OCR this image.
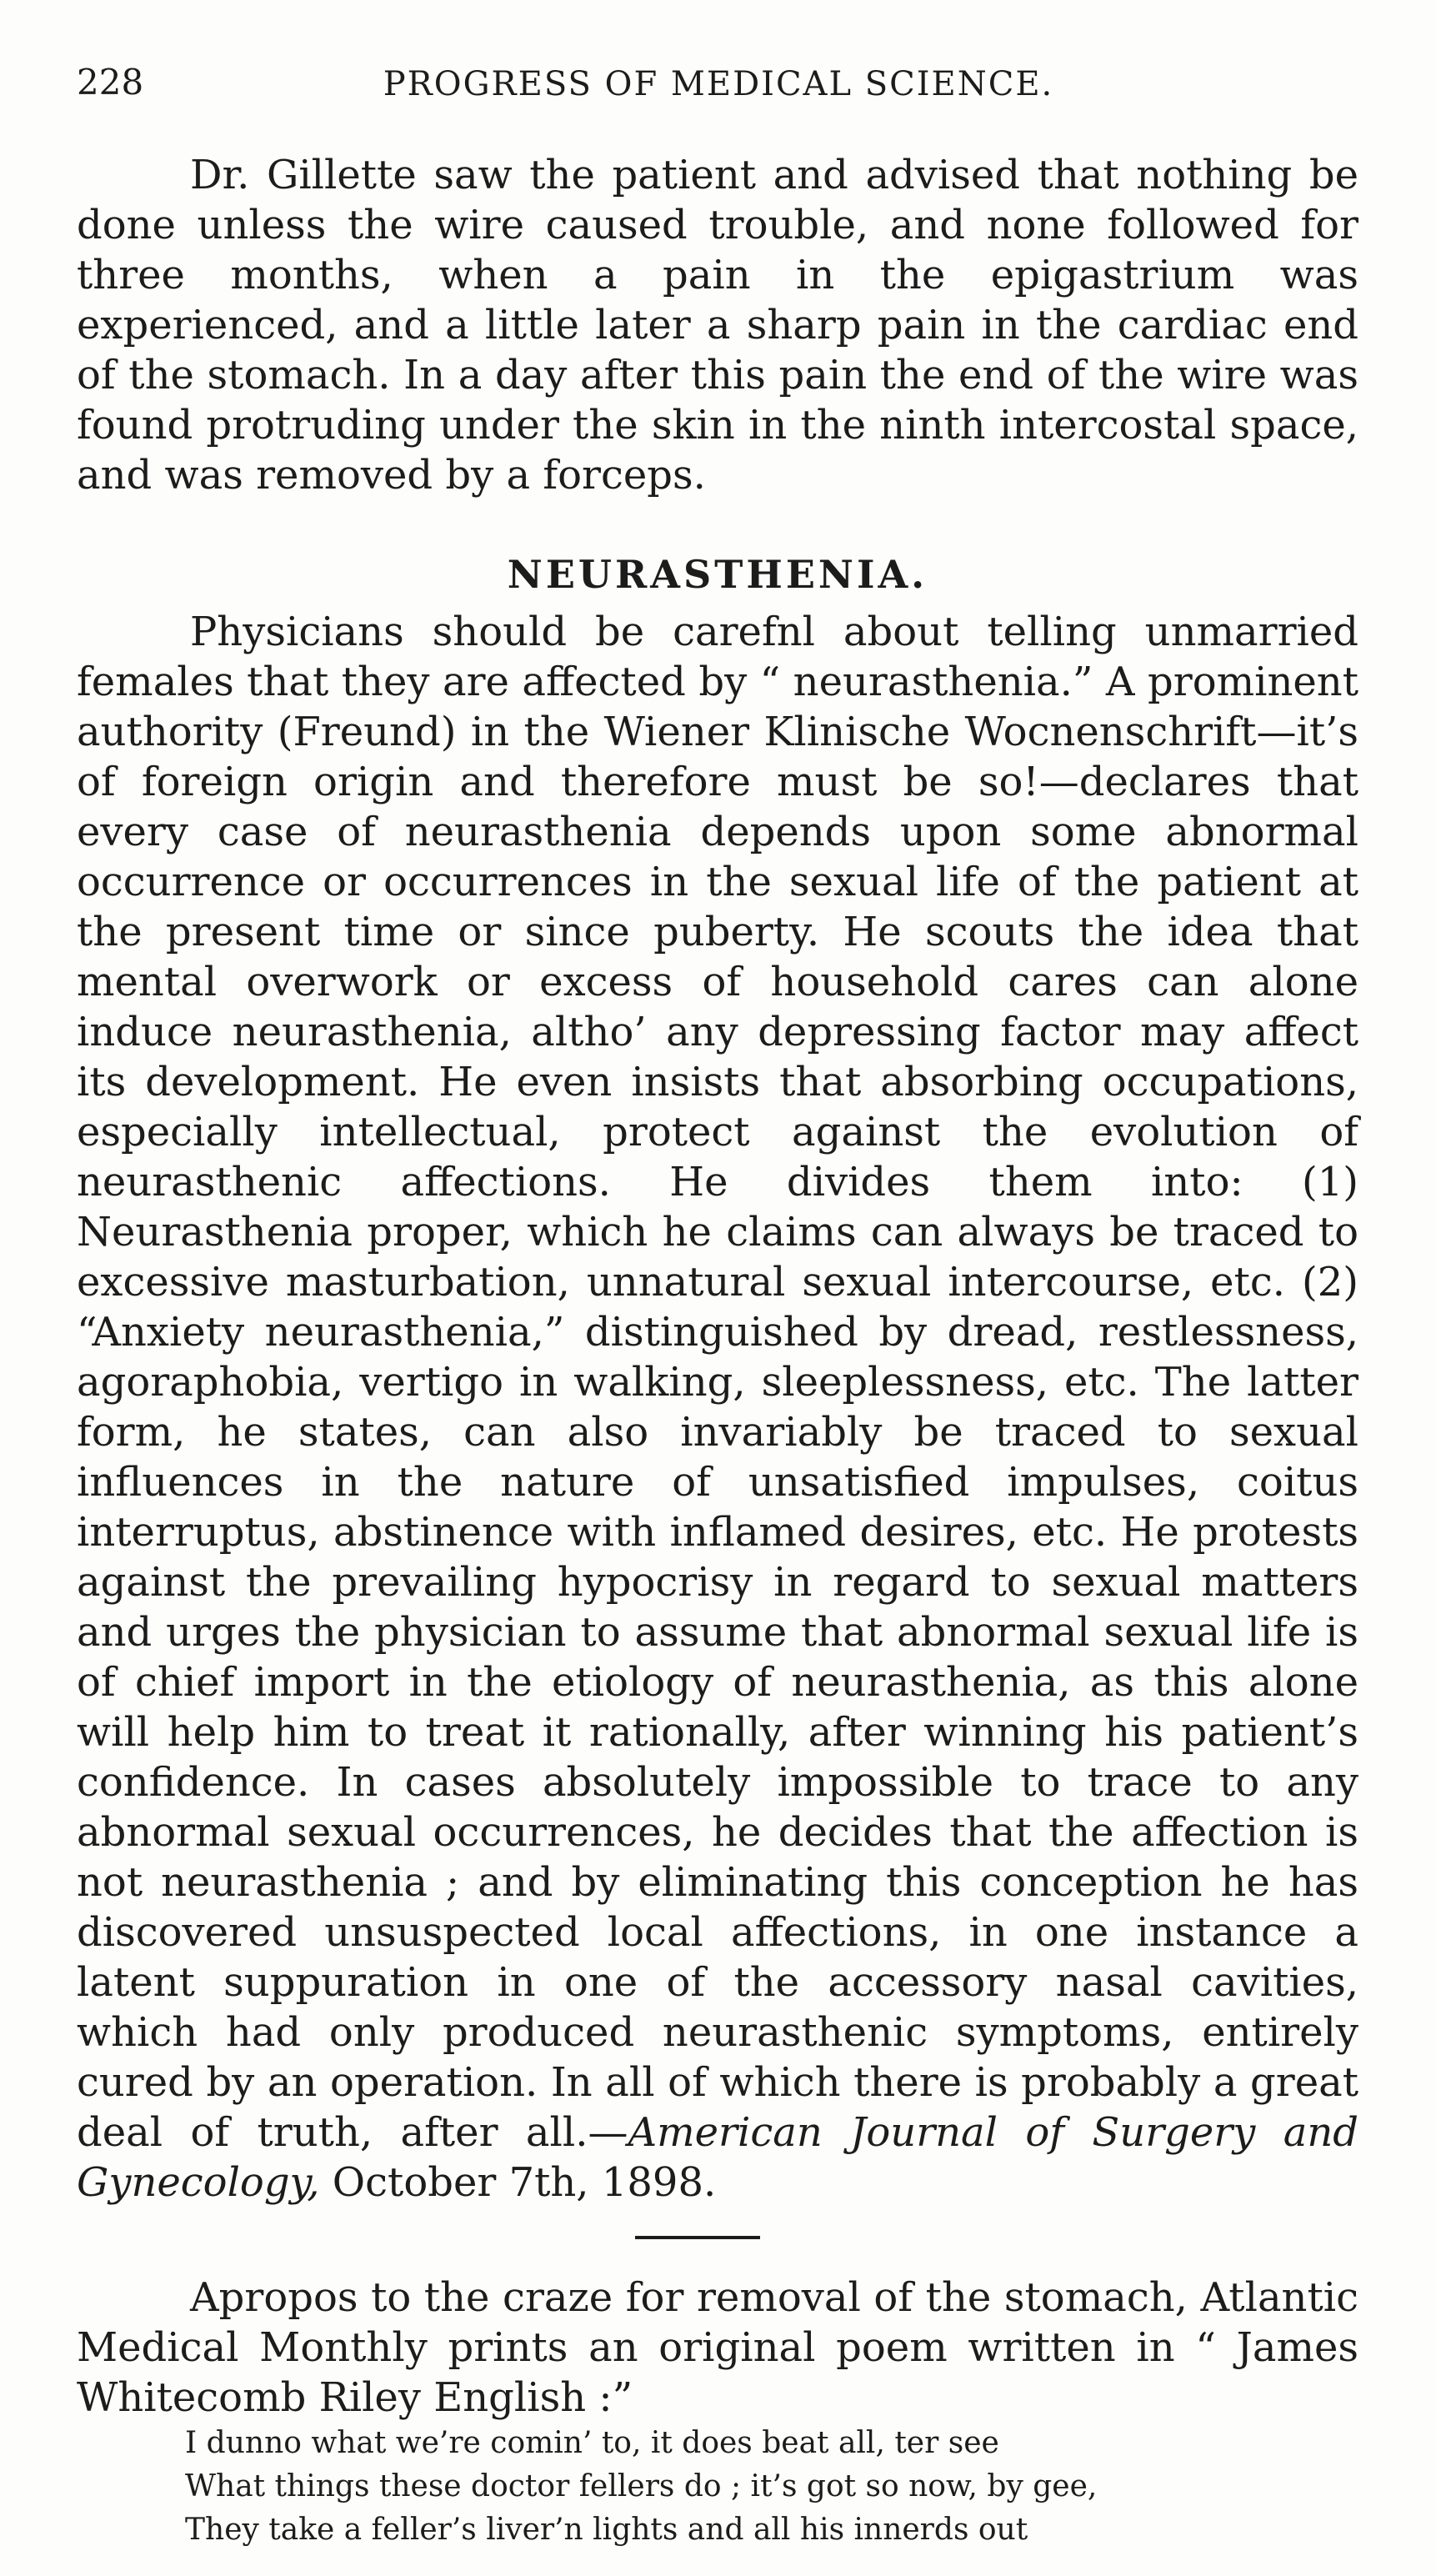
228	PROGRESS OF MEDICAL SCIENCE.

Dr. Gillette saw the patient and advised that nothing be done unless the wire caused trouble, and none followed for three months, when a pain in the epigastrium was experienced, and a little later a sharp pain in the cardiac end of the stomach. In a day after this pain the end of the wire was found protruding under the skin in the ninth intercostal space, and was removed by a forceps.

NEURASTHENIA.

Physicians should be carefnl about telling unmarried females that they are affected by “ neurasthenia.” A prominent authority (Freund) in the Wiener Klinische Wocnenschrift—it’s of foreign origin and therefore must be so!—declares that every case of neurasthenia depends upon some abnormal occurrence or occurrences in the sexual life of the patient at the present time or since puberty. He scouts the idea that mental overwork or excess of household cares can alone induce neurasthenia, altho’ any depressing factor may affect its development. He even insists that absorbing occupations, especially intellectual, protect against the evolution of neurasthenic affections. He divides them into: (1) Neurasthenia proper, which he claims can always be traced to excessive masturbation, unnatural sexual intercourse, etc. (2) “Anxiety neurasthenia,” distinguished by dread, restlessness, agoraphobia, vertigo in walking, sleeplessness, etc. The latter form, he states, can also invariably be traced to sexual influences in the nature of unsatisfied impulses, coitus interruptus, abstinence with inflamed desires, etc. He protests against the prevailing hypocrisy in regard to sexual matters and urges the physician to assume that abnormal sexual life is of chief import in the etiology of neurasthenia, as this alone will help him to treat it rationally, after winning his patient’s confidence. In cases absolutely impossible to trace to any abnormal sexual occurrences, he decides that the affection is not neurasthenia ; and by eliminating this conception he has discovered unsuspected local affections, in one instance a latent suppuration in one of the accessory nasal cavities, which had only produced neurasthenic symptoms, entirely cured by an operation. In all of which there is probably a great deal of truth, after all.—American Journal of Surgery and Gynecology, October 7th, 1898.

Apropos to the craze for removal of the stomach, Atlantic Medical Monthly prints an original poem written in “ James Whitecomb Riley English :”

I dunno what we’re comin’ to, it does beat all, ter see
What things these doctor fellers do ; it’s got so now, by gee,
They take a feller’s liver’n lights and all his innerds out
